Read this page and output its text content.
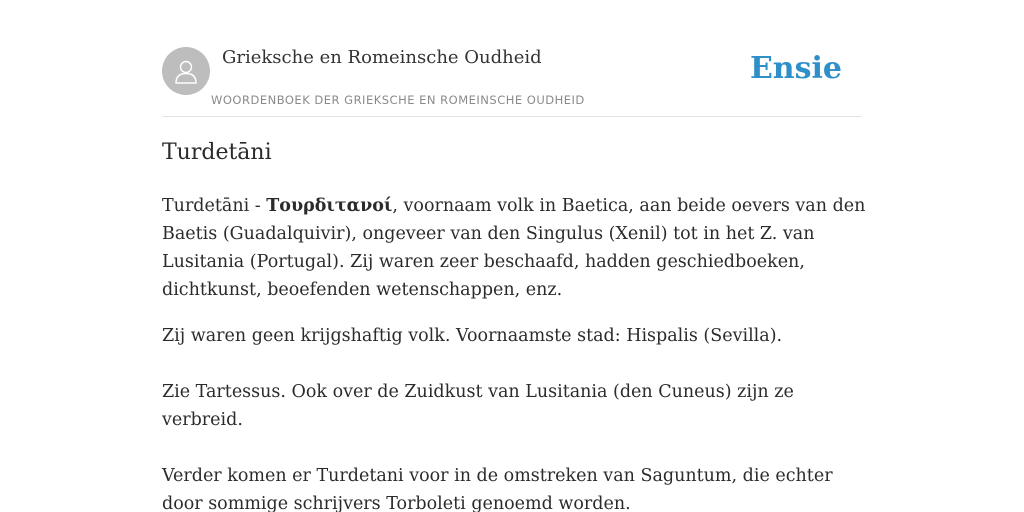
Grieksche en Romeinsche Oudheid
WOORDENBOEK DER GRIEKSCHE EN ROMEINSCHE OUDHEID
Ensie
Turdetāni

Turdetāni - Τουρδιτανοί, voornaam volk in Baetica, aan beide oevers van den Baetis (Guadalquivir), ongeveer van den Singulus (Xenil) tot in het Z. van Lusitania (Portugal). Zij waren zeer beschaafd, hadden geschiedboeken, dichtkunst, beoefenden wetenschappen, enz.

Zij waren geen krijgshaftig volk. Voornaamste stad: Hispalis (Sevilla).

Zie Tartessus. Ook over de Zuidkust van Lusitania (den Cuneus) zijn ze verbreid.

Verder komen er Turdetani voor in de omstreken van Saguntum, die echter door sommige schrijvers Torboleti genoemd worden.
